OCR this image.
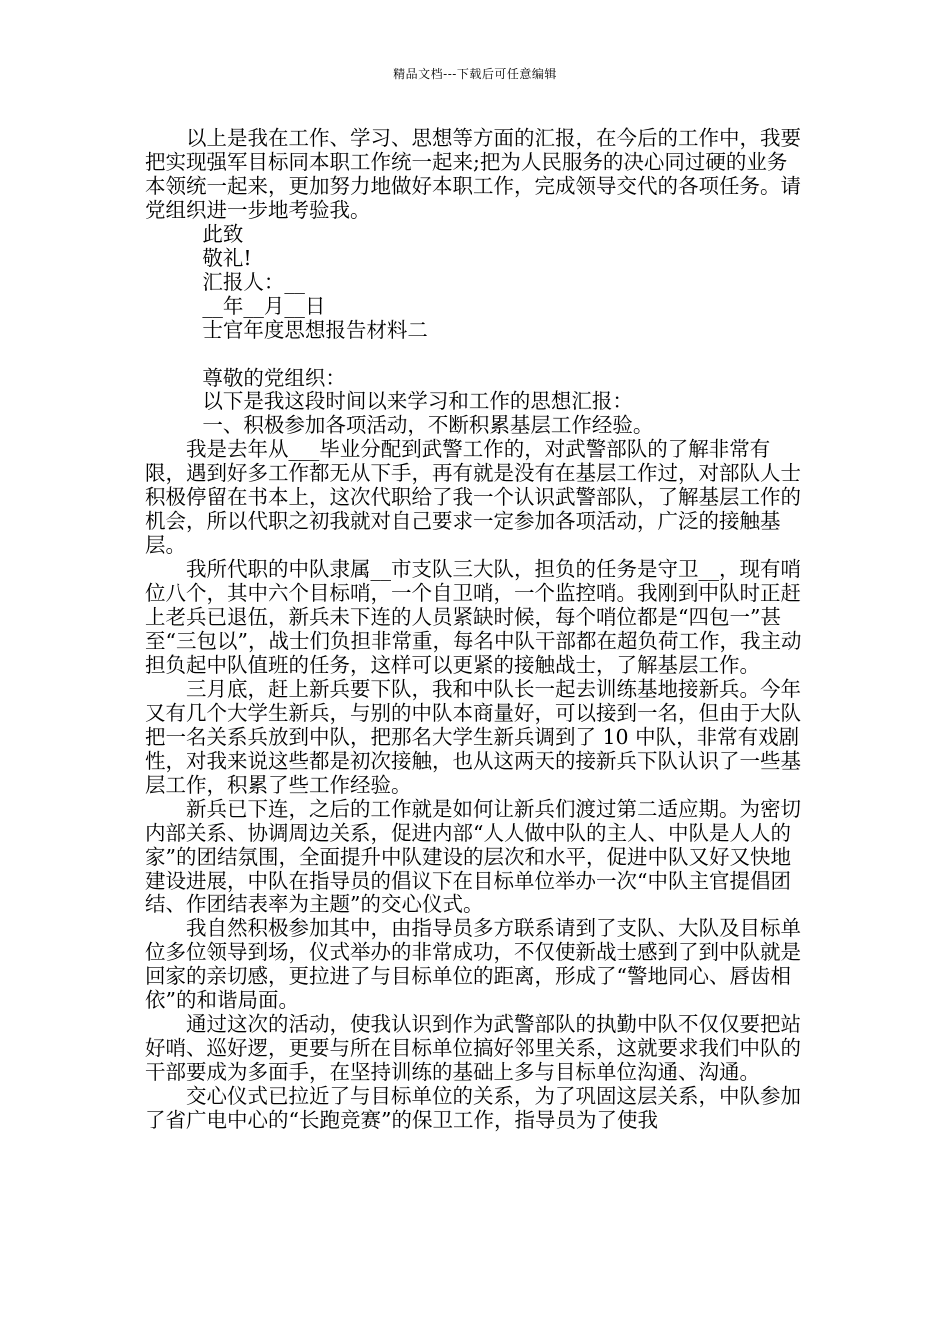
精品文档---下载后可任意编辑

以上是我在工作、学习、思想等方面的汇报，在今后的工作中，我要把实现强军目标同本职工作统一起来;把为人民服务的决心同过硬的业务本领统一起来，更加努力地做好本职工作，完成领导交代的各项任务。请党组织进一步地考验我。

此致

敬礼!

汇报人：__

__年__月__日

士官年度思想报告材料二

尊敬的党组织：

以下是我这段时间以来学习和工作的思想汇报：

一、积极参加各项活动，不断积累基层工作经验。

我是去年从___毕业分配到武警工作的，对武警部队的了解非常有限，遇到好多工作都无从下手，再有就是没有在基层工作过，对部队人士积极停留在书本上，这次代职给了我一个认识武警部队，了解基层工作的机会，所以代职之初我就对自己要求一定参加各项活动，广泛的接触基层。

我所代职的中队隶属__市支队三大队，担负的任务是守卫__，现有哨位八个，其中六个目标哨，一个自卫哨，一个监控哨。我刚到中队时正赶上老兵已退伍，新兵未下连的人员紧缺时候，每个哨位都是“四包一”甚至“三包以”，战士们负担非常重，每名中队干部都在超负荷工作，我主动担负起中队值班的任务，这样可以更紧的接触战士，了解基层工作。

三月底，赶上新兵要下队，我和中队长一起去训练基地接新兵。今年又有几个大学生新兵，与别的中队本商量好，可以接到一名，但由于大队把一名关系兵放到中队，把那名大学生新兵调到了 10 中队，非常有戏剧性，对我来说这些都是初次接触，也从这两天的接新兵下队认识了一些基层工作，积累了些工作经验。

新兵已下连，之后的工作就是如何让新兵们渡过第二适应期。为密切内部关系、协调周边关系，促进内部“人人做中队的主人、中队是人人的家”的团结氛围，全面提升中队建设的层次和水平，促进中队又好又快地建设进展，中队在指导员的倡议下在目标单位举办一次“中队主官提倡团结、作团结表率为主题”的交心仪式。

我自然积极参加其中，由指导员多方联系请到了支队、大队及目标单位多位领导到场，仪式举办的非常成功，不仅使新战士感到了到中队就是回家的亲切感，更拉进了与目标单位的距离，形成了“警地同心、唇齿相依”的和谐局面。

通过这次的活动，使我认识到作为武警部队的执勤中队不仅仅要把站好哨、巡好逻，更要与所在目标单位搞好邻里关系，这就要求我们中队的干部要成为多面手，在坚持训练的基础上多与目标单位沟通、沟通。

交心仪式已拉近了与目标单位的关系，为了巩固这层关系，中队参加了省广电中心的“长跑竞赛”的保卫工作，指导员为了使我
